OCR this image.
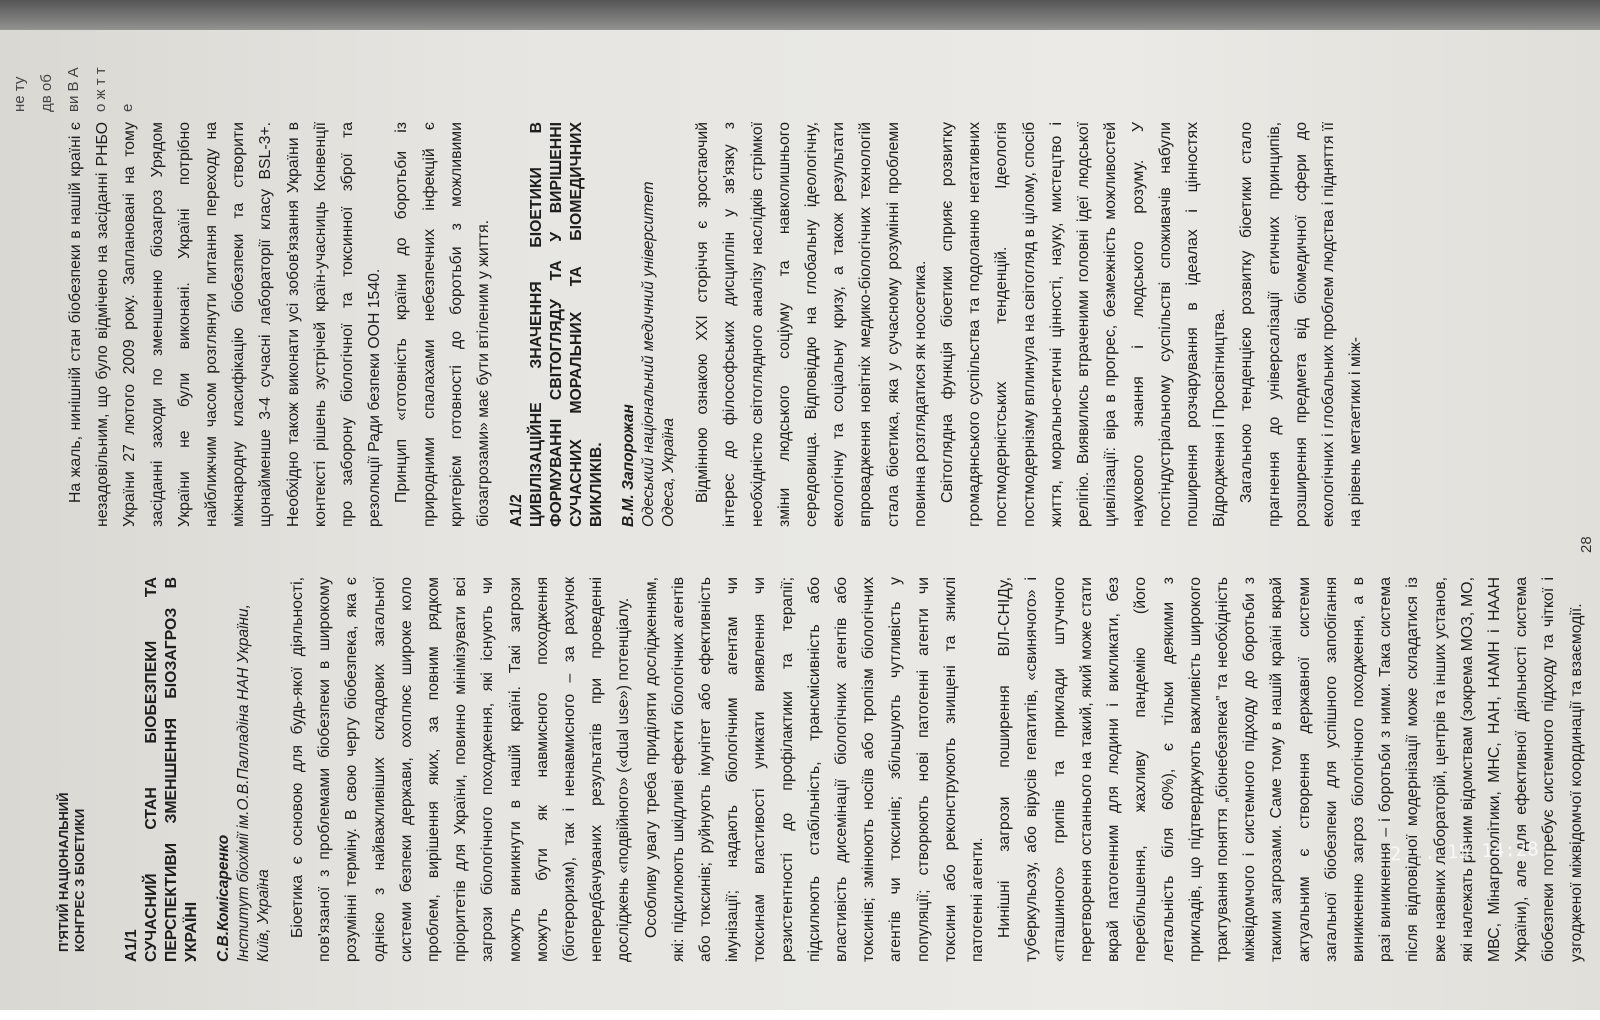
П'ЯТИЙ НАЦІОНАЛЬНИЙ КОНГРЕС З БІОЕТИКИ А1/1 СУЧАСНИЙ СТАН БІОБЕЗПЕКИ ТА ПЕРСПЕКТИВИ ЗМЕНШЕННЯ БІОЗАГРОЗ В УКРАЇНІ С.В.Комісаренко Інститут біохімії ім.О.В.Палладіна НАН України, Київ, Україна	Біоетика є основою для будь-якої діяльності, пов'язаної з проблемами біобезпеки в широкому розумінні терміну. В свою чергу біобезпека, яка є однією з найважливіших складових загальної системи безпеки держави, охоплює широке коло проблем, вирішення яких, за повним рядком пріоритетів для України, повинно мінімізувати всі загрози біологічного походження, які існують чи можуть виникнути в нашій країні. Такі загрози можуть бути як навмисного походження (біотероризм), так і ненавмисного – за рахунок непередбачуваних результатів при проведенні досліджень «подвійного» («dual use») потенціалу. Особливу увагу треба приділяти дослідженням, які: підсилюють шкідливі ефекти біологічних агентів або токсинів; руйнують імунітет або ефективність імунізації; надають біологічним агентам чи токсинам властивості уникати виявлення чи резистентності до профілактики та терапії; підсилюють стабільність, трансмісивність або властивість дисемінації біологічних агентів або токсинів; змінюють носіїв або тропізм біологічних агентів чи токсинів; збільшують чутливість у популяції; створюють нові патогенні агенти чи токсини або реконструюють знищені та зниклі патогенні агенти. Нинішні загрози поширення ВІЛ-СНІДу, туберкульозу, або вірусів гепатитів, «свинячого» і «пташиного» грипів та приклади штучного перетворення останнього на такий, який може стати вкрай патогенним для людини і викликати, без перебільшення, жахливу пандемію (його летальність біля 60%), є тільки деякими з прикладів, що підтверджують важливість широкого трактування поняття „біонебезпека” та необхідність міжвідомчого і системного підходу до боротьби з такими загрозами. Саме тому в нашій країні вкрай актуальним є створення державної системи загальної біобезпеки для успішного запобігання виникненню загроз біологічного походження, а в разі виникнення – і боротьби з ними. Така система після відповідної модернізації може складатися із вже наявних лабораторій, центрів та інших установ, які належать різним відомствам (зокрема МОЗ, МО, МВС, Мінагрополітики, МНС, НАН, НАМН і НААН України), але для ефективної діяльності система біобезпеки потребує системного підходу та чіткої і узгодженої міжвідомчої координації та взаємодії.

На жаль, нинішній стан біобезпеки в нашій країні є незадовільним, що було відмічено на засіданні РНБО України 27 лютого 2009 року. Заплановані на тому засіданні заходи по зменшенню біозагроз Урядом України не були виконані. Україні потрібно найближчим часом розглянути питання переходу на міжнародну класифікацію біобезпеки та створити щонайменше 3-4 сучасні лабораторії класу BSL-3+. Необхідно також виконати усі зобов'язання України в контексті рішень зустрічей країн-учасниць Конвенції про заборону біологічної та токсинної зброї та резолюції Ради безпеки ООН 1540. Принцип «готовність країни до боротьби із природними спалахами небезпечних інфекцій є критерієм готовності до боротьби з можливими біозагрозами» має бути втіленим у життя.	А1/2 ЦИВІЛІЗАЦІЙНЕ ЗНАЧЕННЯ БІОЕТИКИ В ФОРМУВАННІ СВІТОГЛЯДУ ТА У ВИРІШЕННІ СУЧАСНИХ МОРАЛЬНИХ ТА БІОМЕДИЧНИХ ВИКЛИКІВ. В.М. Запорожан Одеський національний медичний університет Одеса, Україна	Відмінною ознакою ХХІ сторіччя є зростаючий інтерес до філософських дисциплін у зв'язку з необхідністю світоглядного аналізу наслідків стрімкої зміни людського соціуму та навколишнього середовища. Відповіддю на глобальну ідеологічну, екологічну та соціальну кризу, а також результати впровадження новітніх медико-біологічних технологій стала біоетика, яка у сучасному розумінні проблеми повинна розглядатися як ноосетика. Світоглядна функція біоетики сприяє розвитку громадянського суспільства та подоланню негативних постмодерністських тенденцій. Ідеологія постмодернізму вплинула на світогляд в цілому, спосіб життя, морально-етичні цінності, науку, мистецтво і релігію. Виявились втраченими головні ідеї людської цивілізації: віра в прогрес, безмежність можливостей наукового знання і людського розуму. У постіндустріальному суспільстві споживачів набули поширення розчарування в ідеалах і цінностях Відродження і Просвітництва. Загальною тенденцією розвитку біоетики стало прагнення до універсалізації етичних принципів, розширення предмета від біомедичної сфери до екологічних і глобальних проблем людства і підняття її на рівень метаетики і між-

не ту дв об ви В А о ж т т е
28
2... 15 14:28
